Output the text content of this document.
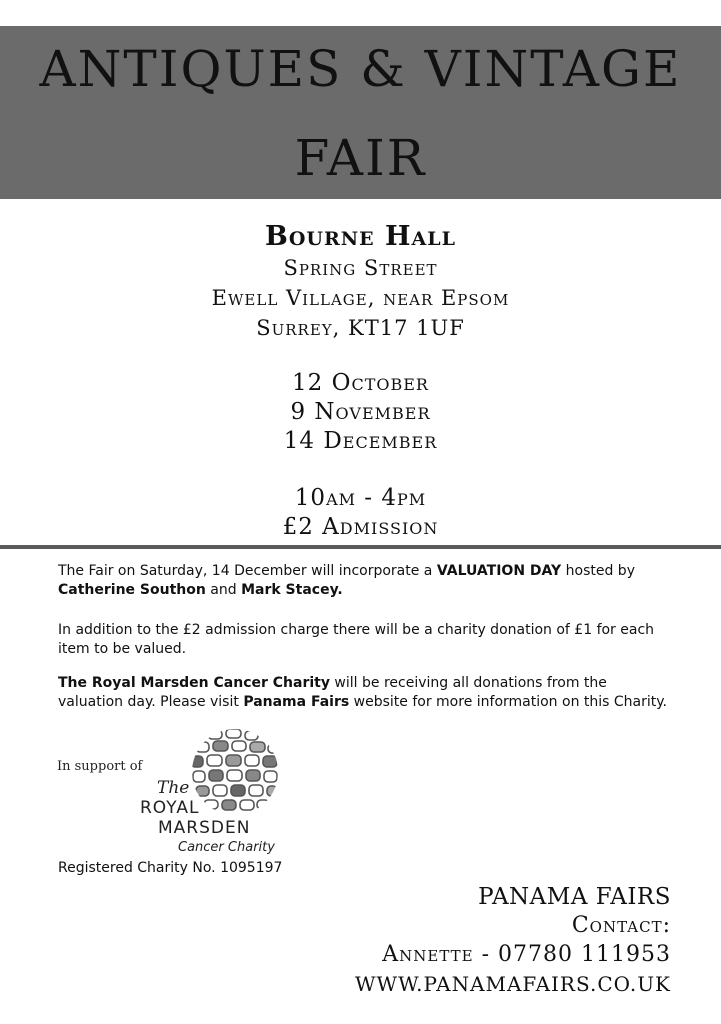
ANTIQUES & VINTAGE
FAIR
Bourne Hall
Spring Street
Ewell Village, near Epsom
Surrey, KT17 1UF
12 October
9 November
14 December
10am - 4pm
£2 Admission

The Fair on Saturday, 14 December will incorporate a VALUATION DAY hosted by Catherine Southon and Mark Stacey.

In addition to the £2 admission charge there will be a charity donation of £1 for each item to be valued.

The Royal Marsden Cancer Charity will be receiving all donations from the valuation day. Please visit Panama Fairs website for more information on this Charity.

In support of
The
ROYAL
MARSDEN
Cancer Charity
Registered Charity No. 1095197
PANAMA FAIRS
Contact:
Annette - 07780 111953
WWW.PANAMAFAIRS.CO.UK
